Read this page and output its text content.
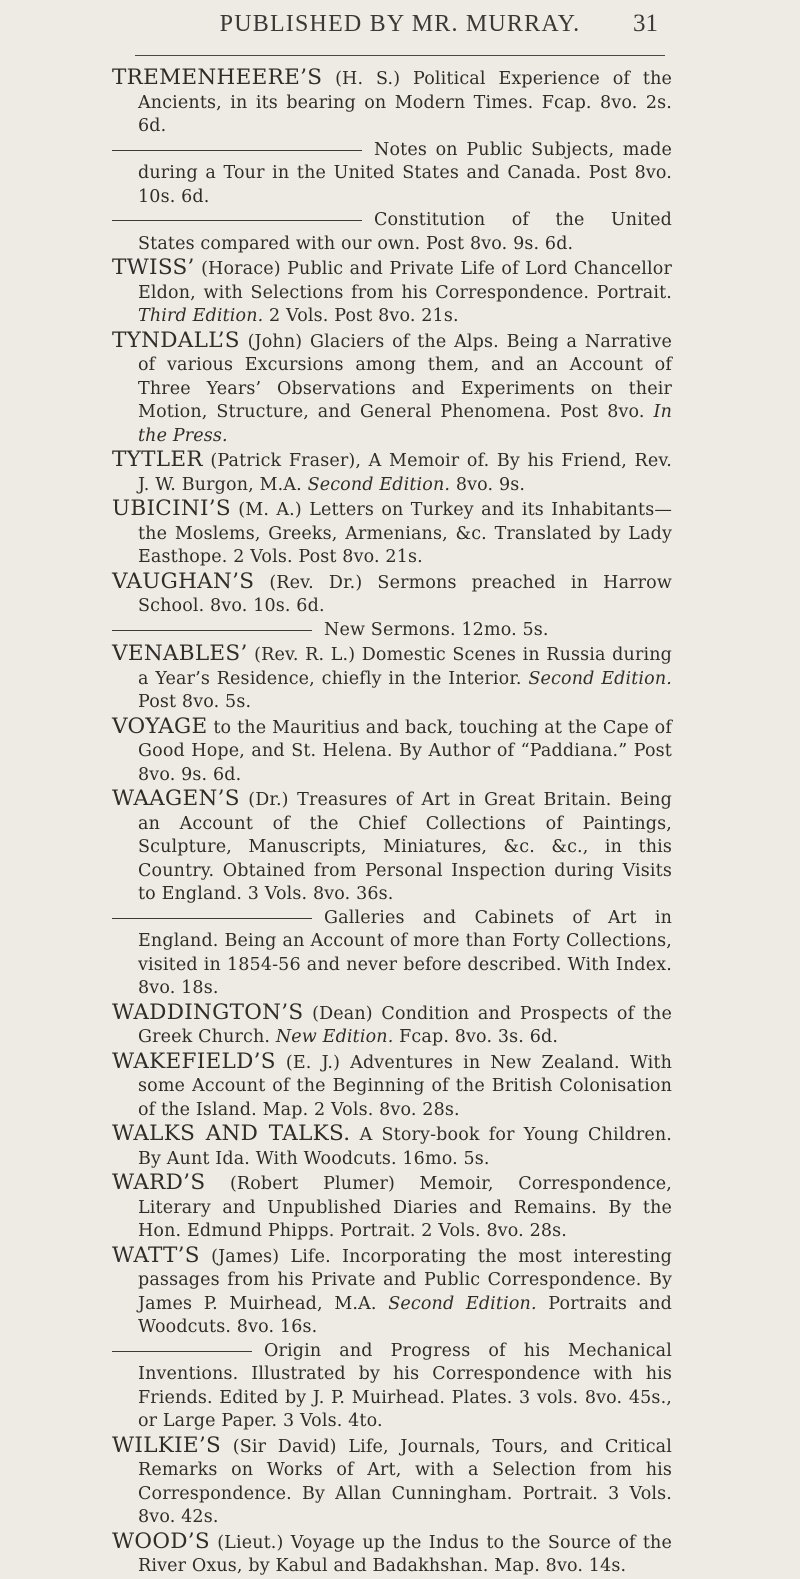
PUBLISHED BY MR. MURRAY.	31

TREMENHEERE’S (H. S.) Political Experience of the Ancients, in its bearing on Modern Times. Fcap. 8vo. 2s. 6d.

Notes on Public Subjects, made during a Tour in the United States and Canada. Post 8vo. 10s. 6d.

Constitution of the United States compared with our own. Post 8vo. 9s. 6d.

TWISS’ (Horace) Public and Private Life of Lord Chancellor Eldon, with Selections from his Correspondence. Portrait. Third Edition. 2 Vols. Post 8vo. 21s.

TYNDALL’S (John) Glaciers of the Alps. Being a Narrative of various Excursions among them, and an Account of Three Years’ Observations and Experiments on their Motion, Structure, and General Phenomena. Post 8vo. In the Press.

TYTLER (Patrick Fraser), A Memoir of. By his Friend, Rev. J. W. Burgon, M.A. Second Edition. 8vo. 9s.

UBICINI’S (M. A.) Letters on Turkey and its Inhabitants—the Moslems, Greeks, Armenians, &c. Translated by Lady Easthope. 2 Vols. Post 8vo. 21s.

VAUGHAN’S (Rev. Dr.) Sermons preached in Harrow School. 8vo. 10s. 6d.

New Sermons. 12mo. 5s.

VENABLES’ (Rev. R. L.) Domestic Scenes in Russia during a Year’s Residence, chiefly in the Interior. Second Edition. Post 8vo. 5s.

VOYAGE to the Mauritius and back, touching at the Cape of Good Hope, and St. Helena. By Author of “Paddiana.” Post 8vo. 9s. 6d.

WAAGEN’S (Dr.) Treasures of Art in Great Britain. Being an Account of the Chief Collections of Paintings, Sculpture, Manuscripts, Miniatures, &c. &c., in this Country. Obtained from Personal Inspection during Visits to England. 3 Vols. 8vo. 36s.

Galleries and Cabinets of Art in England. Being an Account of more than Forty Collections, visited in 1854-56 and never before described. With Index. 8vo. 18s.

WADDINGTON’S (Dean) Condition and Prospects of the Greek Church. New Edition. Fcap. 8vo. 3s. 6d.

WAKEFIELD’S (E. J.) Adventures in New Zealand. With some Account of the Beginning of the British Colonisation of the Island. Map. 2 Vols. 8vo. 28s.

WALKS AND TALKS. A Story-book for Young Children. By Aunt Ida. With Woodcuts. 16mo. 5s.

WARD’S (Robert Plumer) Memoir, Correspondence, Literary and Unpublished Diaries and Remains. By the Hon. Edmund Phipps. Portrait. 2 Vols. 8vo. 28s.

WATT’S (James) Life. Incorporating the most interesting passages from his Private and Public Correspondence. By James P. Muirhead, M.A. Second Edition. Portraits and Woodcuts. 8vo. 16s.

Origin and Progress of his Mechanical Inventions. Illustrated by his Correspondence with his Friends. Edited by J. P. Muirhead. Plates. 3 vols. 8vo. 45s., or Large Paper. 3 Vols. 4to.

WILKIE’S (Sir David) Life, Journals, Tours, and Critical Remarks on Works of Art, with a Selection from his Correspondence. By Allan Cunningham. Portrait. 3 Vols. 8vo. 42s.

WOOD’S (Lieut.) Voyage up the Indus to the Source of the River Oxus, by Kabul and Badakhshan. Map. 8vo. 14s.
